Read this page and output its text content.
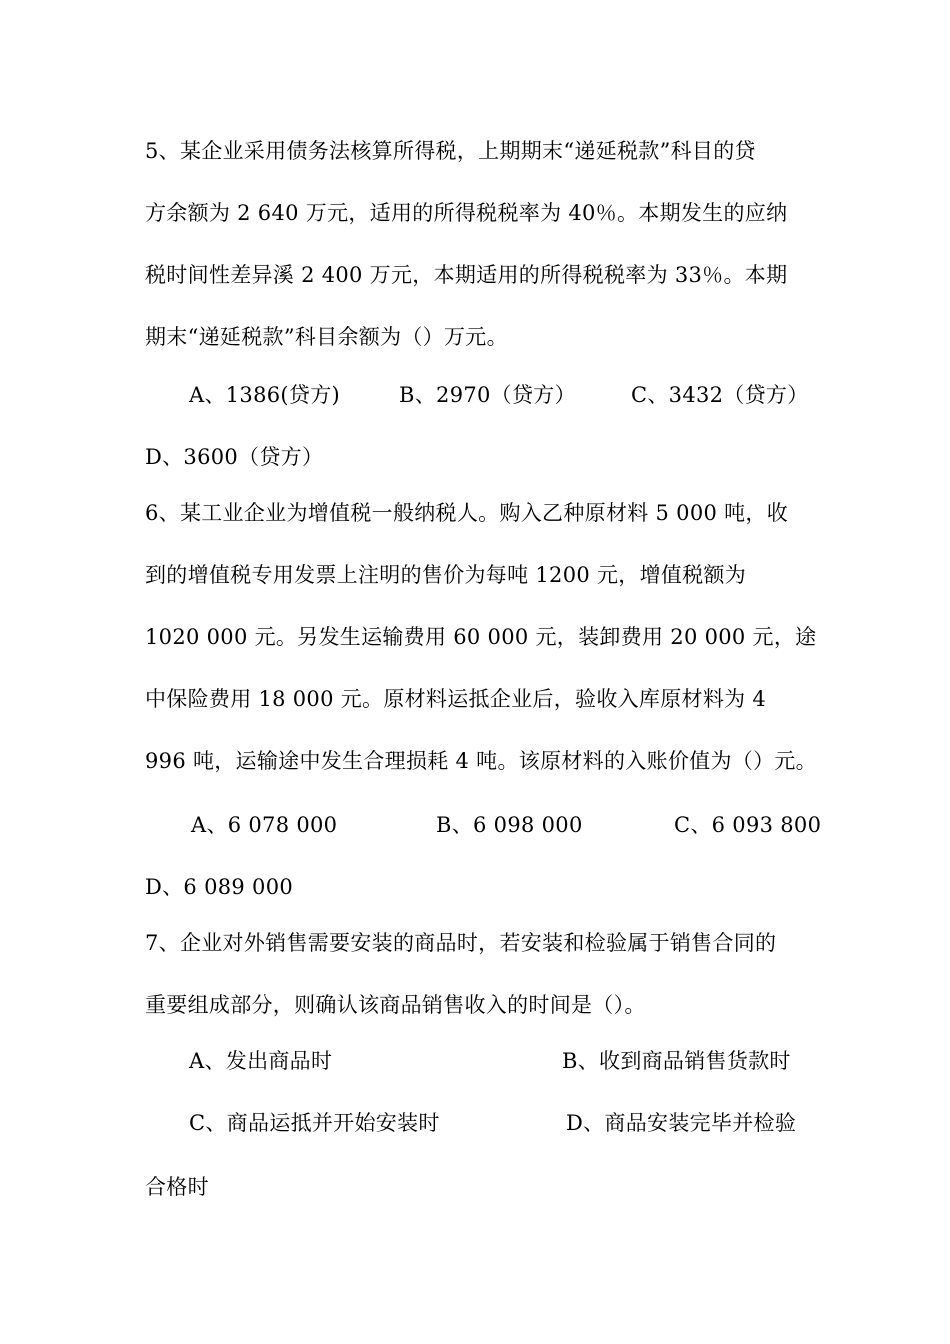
5、某企业采用债务法核算所得税，上期期末“递延税款”科目的贷
方余额为 2 640 万元，适用的所得税税率为 40％。本期发生的应纳
税时间性差异溪 2 400 万元，本期适用的所得税税率为 33％。本期
期末“递延税款”科目余额为（）万元。
A、1386(贷方)	B、2970（贷方）	C、3432（贷方）
D、3600（贷方）
6、某工业企业为增值税一般纳税人。购入乙种原材料 5 000 吨，收
到的增值税专用发票上注明的售价为每吨 1200 元，增值税额为
1020 000 元。另发生运输费用 60 000 元，装卸费用 20 000 元，途
中保险费用 18 000 元。原材料运抵企业后，验收入库原材料为 4
996 吨，运输途中发生合理损耗 4 吨。该原材料的入账价值为（）元。
A、6 078 000	B、6 098 000	C、6 093 800
D、6 089 000
7、企业对外销售需要安装的商品时，若安装和检验属于销售合同的
重要组成部分，则确认该商品销售收入的时间是（）。
A、发出商品时	B、收到商品销售货款时
C、商品运抵并开始安装时	D、商品安装完毕并检验
合格时
